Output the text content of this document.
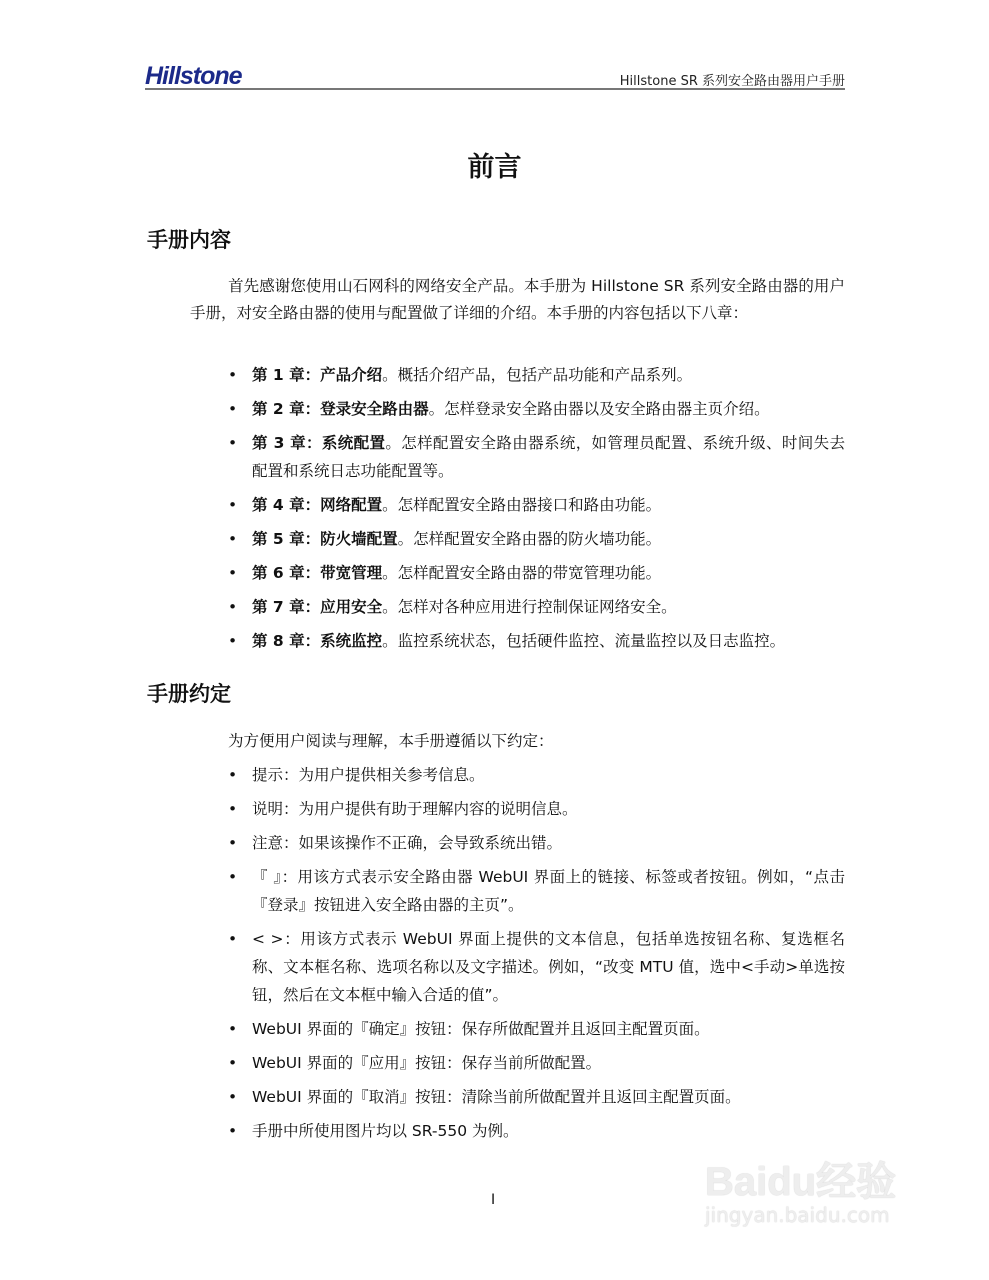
Hillstone	Hillstone SR 系列安全路由器用户手册
前言
手册内容
首先感谢您使用山石网科的网络安全产品。本手册为 Hillstone SR 系列安全路由器的用户手册，对安全路由器的使用与配置做了详细的介绍。本手册的内容包括以下八章：
• 第 1 章：产品介绍。概括介绍产品，包括产品功能和产品系列。
• 第 2 章：登录安全路由器。怎样登录安全路由器以及安全路由器主页介绍。
• 第 3 章：系统配置。怎样配置安全路由器系统，如管理员配置、系统升级、时间失去配置和系统日志功能配置等。
• 第 4 章：网络配置。怎样配置安全路由器接口和路由功能。
• 第 5 章：防火墙配置。怎样配置安全路由器的防火墙功能。
• 第 6 章：带宽管理。怎样配置安全路由器的带宽管理功能。
• 第 7 章：应用安全。怎样对各种应用进行控制保证网络安全。
• 第 8 章：系统监控。监控系统状态，包括硬件监控、流量监控以及日志监控。
手册约定
为方便用户阅读与理解，本手册遵循以下约定：
• 提示：为用户提供相关参考信息。
• 说明：为用户提供有助于理解内容的说明信息。
• 注意：如果该操作不正确，会导致系统出错。
• 『 』：用该方式表示安全路由器 WebUI 界面上的链接、标签或者按钮。例如，“点击『登录』按钮进入安全路由器的主页”。
• < >：用该方式表示 WebUI 界面上提供的文本信息，包括单选按钮名称、复选框名称、文本框名称、选项名称以及文字描述。例如，“改变 MTU 值，选中<手动>单选按钮，然后在文本框中输入合适的值”。
• WebUI 界面的『确定』按钮：保存所做配置并且返回主配置页面。
• WebUI 界面的『应用』按钮：保存当前所做配置。
• WebUI 界面的『取消』按钮：清除当前所做配置并且返回主配置页面。
• 手册中所使用图片均以 SR-550 为例。
I	Baidu经验
jingyan.baidu.com
